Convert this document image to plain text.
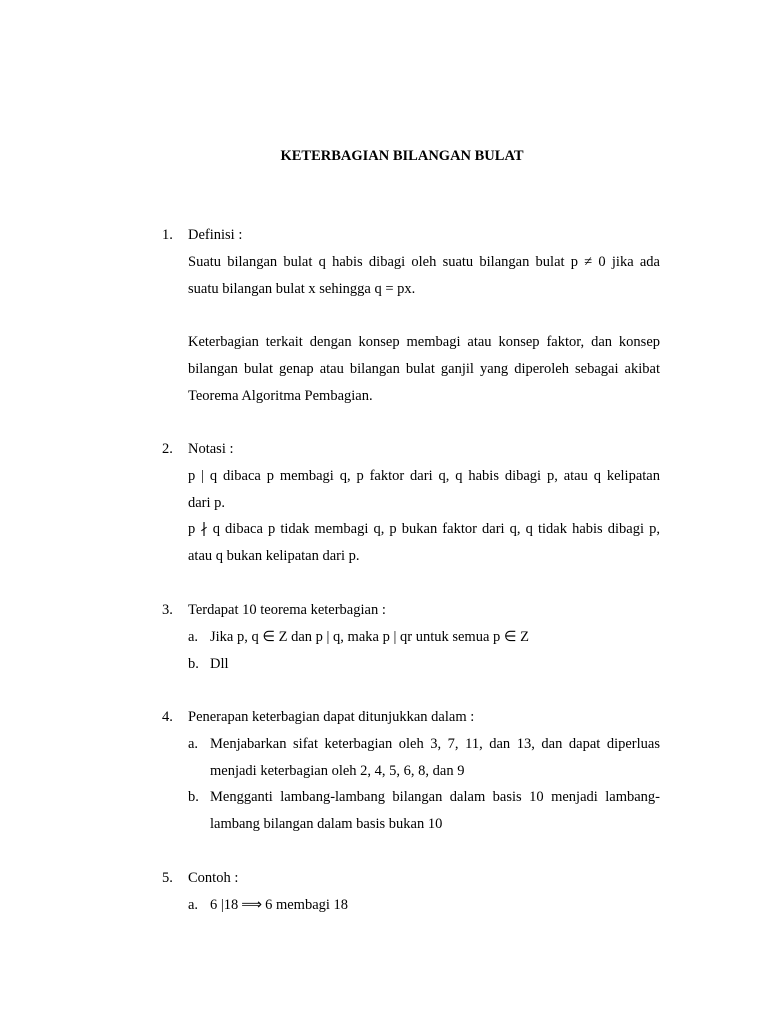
KETERBAGIAN BILANGAN BULAT
1. Definisi :

Suatu bilangan bulat q habis dibagi oleh suatu bilangan bulat p ≠ 0 jika ada

suatu bilangan bulat x sehingga q = px.

Keterbagian terkait dengan konsep membagi atau konsep faktor, dan konsep

bilangan bulat genap atau bilangan bulat ganjil yang diperoleh sebagai akibat

Teorema Algoritma Pembagian.

2. Notasi :

p | q dibaca p membagi q, p faktor dari q, q habis dibagi p, atau q kelipatan

dari p.

p ∤ q dibaca p tidak membagi q, p bukan faktor dari q, q tidak habis dibagi p,

atau q bukan kelipatan dari p.

3. Terdapat 10 teorema keterbagian :

a. Jika p, q ∈ Z dan p | q, maka p | qr untuk semua p ∈ Z
b. Dll
4. Penerapan keterbagian dapat ditunjukkan dalam :

a. Menjabarkan sifat keterbagian oleh 3, 7, 11, dan 13, dan dapat diperluas

menjadi keterbagian oleh 2, 4, 5, 6, 8, dan 9

b. Mengganti lambang-lambang bilangan dalam basis 10 menjadi lambang-

lambang bilangan dalam basis bukan 10

5. Contoh :

a. 6 |18 ⟹ 6 membagi 18
